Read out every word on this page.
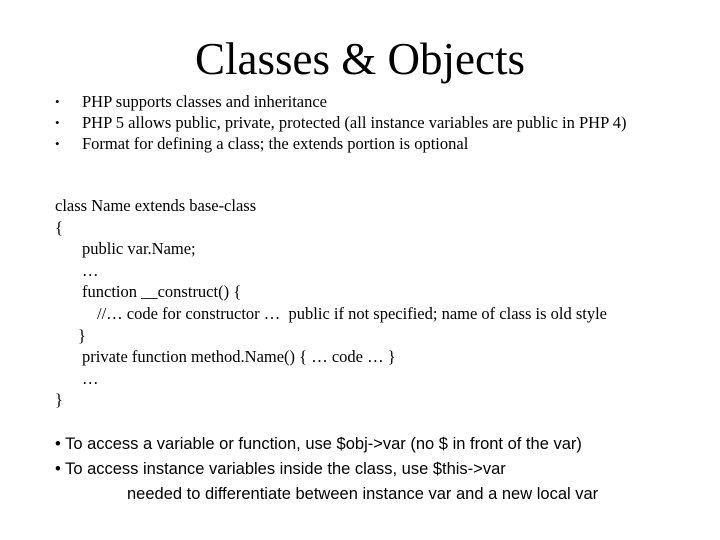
Classes & Objects
• PHP supports classes and inheritance
• PHP 5 allows public, private, protected (all instance variables are public in PHP 4)
• Format for defining a class; the extends portion is optional
class Name extends base-class
{
public var.Name;
…
function __construct() {
//… code for constructor …  public if not specified; name of class is old style
}
private function method.Name() { … code … }
…
}
• To access a variable or function, use $obj->var (no $ in front of the var)
• To access instance variables inside the class, use $this->var
needed to differentiate between instance var and a new local var
